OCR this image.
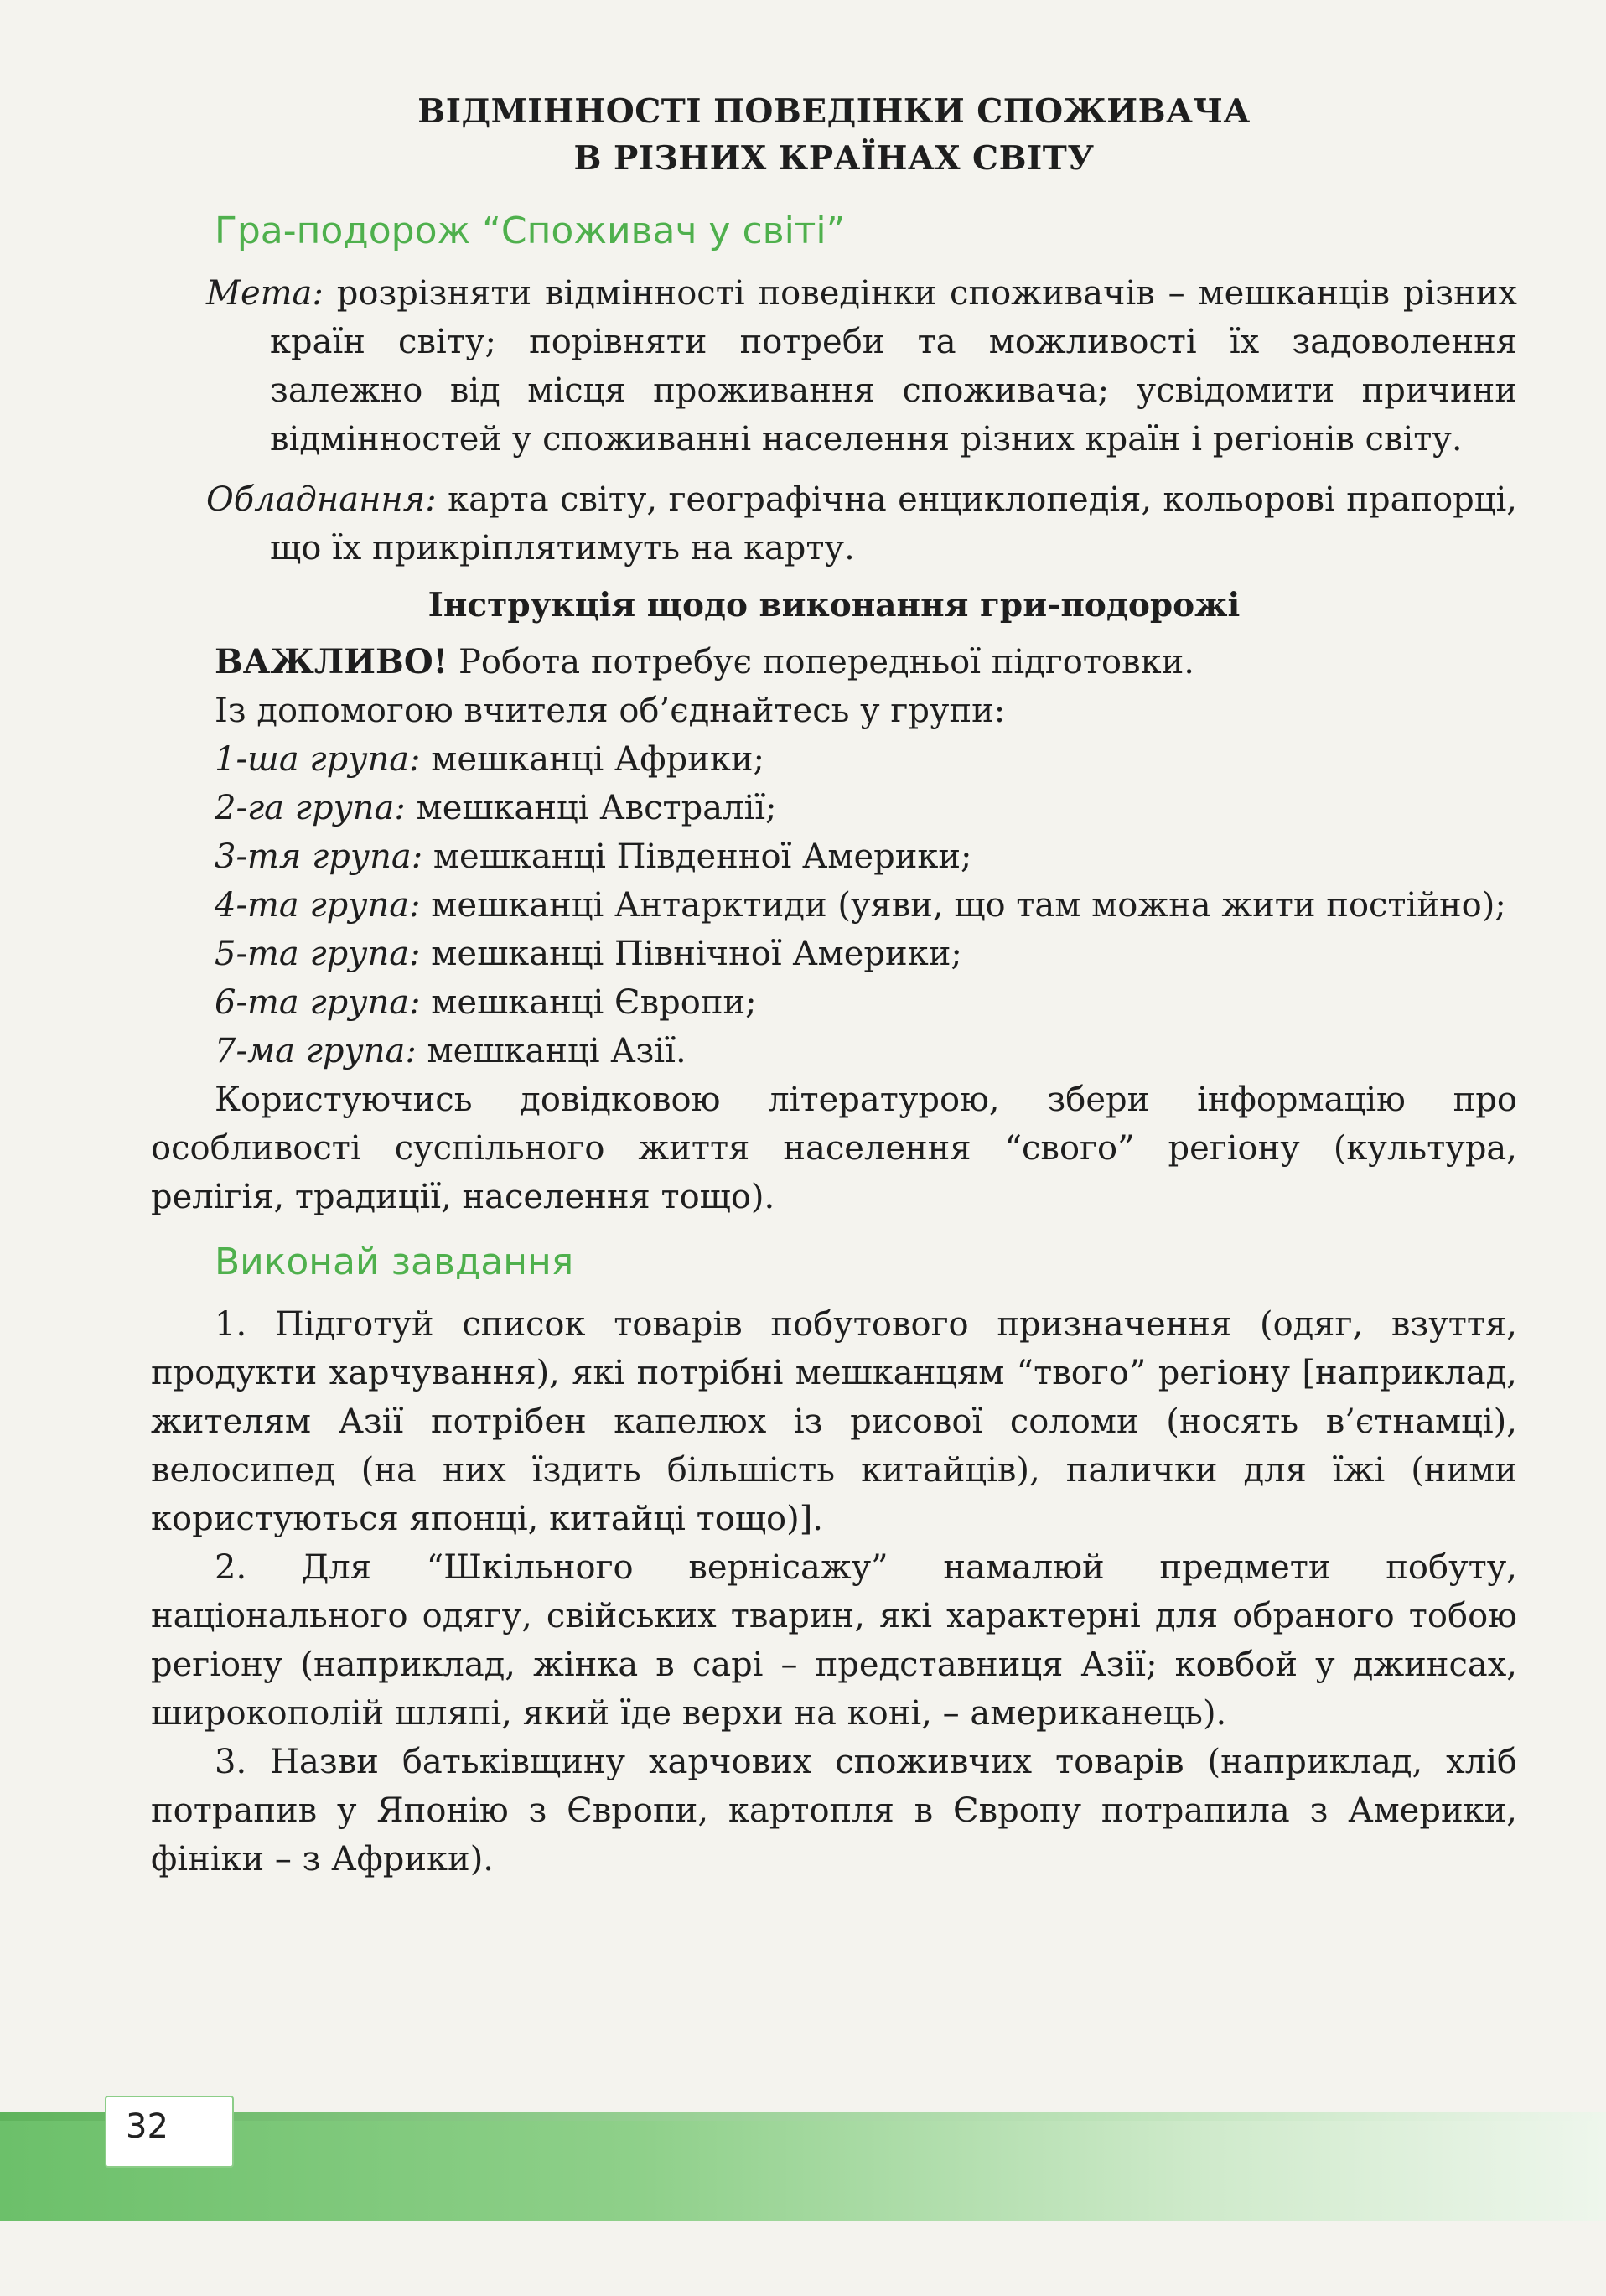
ВІДМІННОСТІ ПОВЕДІНКИ СПОЖИВАЧА
В РІЗНИХ КРАЇНАХ СВІТУ
Гра-подорож “Споживач у світі”

Мета: розрізняти відмінності поведінки споживачів – мешканців різних країн світу; порівняти потреби та можливості їх задоволення залежно від місця проживання споживача; усвідомити причини відмінностей у споживанні населення різних країн і регіонів світу.

Обладнання: карта світу, географічна енциклопедія, кольорові прапорці, що їх прикріплятимуть на карту.

Інструкція щодо виконання гри-подорожі

ВАЖЛИВО! Робота потребує попередньої підготовки.

Із допомогою вчителя об’єднайтесь у групи:

1-ша група: мешканці Африки;

2-га група: мешканці Австралії;

3-тя група: мешканці Південної Америки;

4-та група: мешканці Антарктиди (уяви, що там можна жити постійно);

5-та група: мешканці Північної Америки;

6-та група: мешканці Європи;

7-ма група: мешканці Азії.

Користуючись довідковою літературою, збери інформацію про особливості суспільного життя населення “свого” регіону (культура, релігія, традиції, населення тощо).

Виконай завдання

1. Підготуй список товарів побутового призначення (одяг, взуття, продукти харчування), які потрібні мешканцям “твого” регіону [наприклад, жителям Азії потрібен капелюх із рисової соломи (носять в’єтнамці), велосипед (на них їздить більшість китайців), палички для їжі (ними користуються японці, китайці тощо)].

2. Для “Шкільного вернісажу” намалюй предмети побуту, національного одягу, свійських тварин, які характерні для обраного тобою регіону (наприклад, жінка в сарі – представниця Азії; ковбой у джинсах, широкополій шляпі, який їде верхи на коні, – американець).

3. Назви батьківщину харчових споживчих товарів (наприклад, хліб потрапив у Японію з Європи, картопля в Європу потрапила з Америки, фініки – з Африки).

32
